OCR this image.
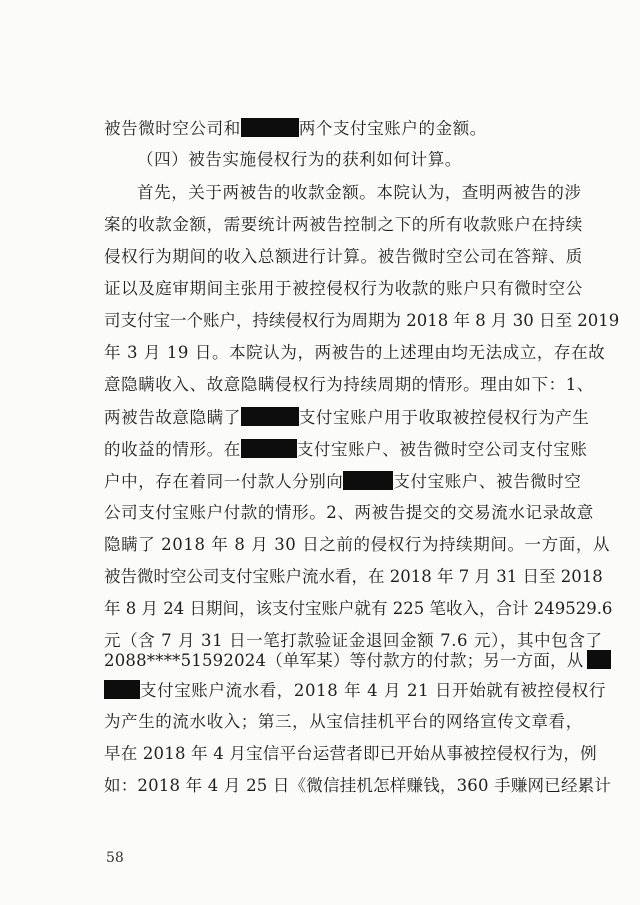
被告微时空公司和	两个支付宝账户的金额。
（四）被告实施侵权行为的获利如何计算。
首先，关于两被告的收款金额。本院认为，查明两被告的涉
案的收款金额，需要统计两被告控制之下的所有收款账户在持续
侵权行为期间的收入总额进行计算。被告微时空公司在答辩、质
证以及庭审期间主张用于被控侵权行为收款的账户只有微时空公
司支付宝一个账户，持续侵权行为周期为 2018 年 8 月 30 日至 2019
年 3 月 19 日。本院认为，两被告的上述理由均无法成立，存在故
意隐瞒收入、故意隐瞒侵权行为持续周期的情形。理由如下：1、
两被告故意隐瞒了	支付宝账户用于收取被控侵权行为产生
的收益的情形。在	支付宝账户、被告微时空公司支付宝账
户中，存在着同一付款人分别向	支付宝账户、被告微时空
公司支付宝账户付款的情形。2、两被告提交的交易流水记录故意
隐瞒了 2018 年 8 月 30 日之前的侵权行为持续期间。一方面，从
被告微时空公司支付宝账户流水看，在 2018 年 7 月 31 日至 2018
年 8 月 24 日期间，该支付宝账户就有 225 笔收入，合计 249529.6
元（含 7 月 31 日一笔打款验证金退回金额 7.6 元），其中包含了
2088****51592024（单军某）等付款方的付款；另一方面，从
支付宝账户流水看，2018 年 4 月 21 日开始就有被控侵权行
为产生的流水收入；第三，从宝信挂机平台的网络宣传文章看，
早在 2018 年 4 月宝信平台运营者即已开始从事被控侵权行为，例
如：2018 年 4 月 25 日《微信挂机怎样赚钱，360 手赚网已经累计
58
